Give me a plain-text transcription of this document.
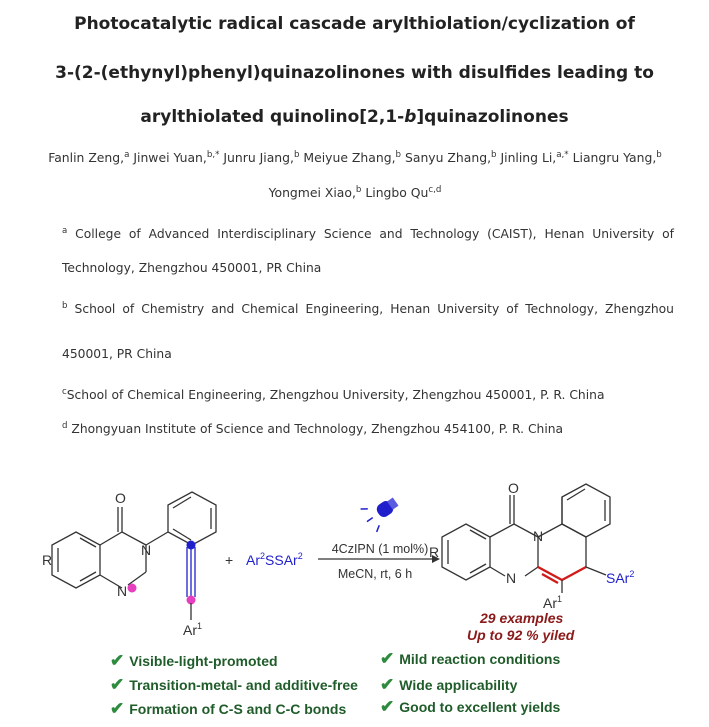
Photocatalytic radical cascade arylthiolation/cyclization of
3-(2-(ethynyl)phenyl)quinazolinones with disulfides leading to
arylthiolated quinolino[2,1-b]quinazolinones
Fanlin Zeng,$^a$ Jinwei Yuan,$^{b,*}$ Junru Jiang,$^b$ Meiyue Zhang,$^b$ Sanyu Zhang,$^b$ Jinling Li,$^{a,*}$ Liangru Yang,$^b$ Yongmei Xiao,$^b$ Lingbo Qu$^{c,d}$
$^a$ College of Advanced Interdisciplinary Science and Technology (CAIST), Henan University of
Technology, Zhengzhou 450001, PR China
$^b$ School of Chemistry and Chemical Engineering, Henan University of Technology, Zhengzhou
450001, PR China
$^c$School of Chemical Engineering, Zhengzhou University, Zhengzhou 450001, P. R. China
$^d$ Zhongyuan Institute of Science and Technology, Zhengzhou 454100, P. R. China
R
O
N
N
$Ar^1$
+ $Ar^2SSAr^2$ 4CzIPN (1 mol%)
MeCN, rt, 6 h
R
O
N
N	SAr$^2$
Ar$^1$
29 examples
Up to 92 % yiled
✔ Visible-light-promoted
✔ Transition-metal- and additive-free
✔ Formation of C-S and C-C bonds
✔ Mild reaction conditions
✔ Wide applicability
✔ Good to excellent yields
